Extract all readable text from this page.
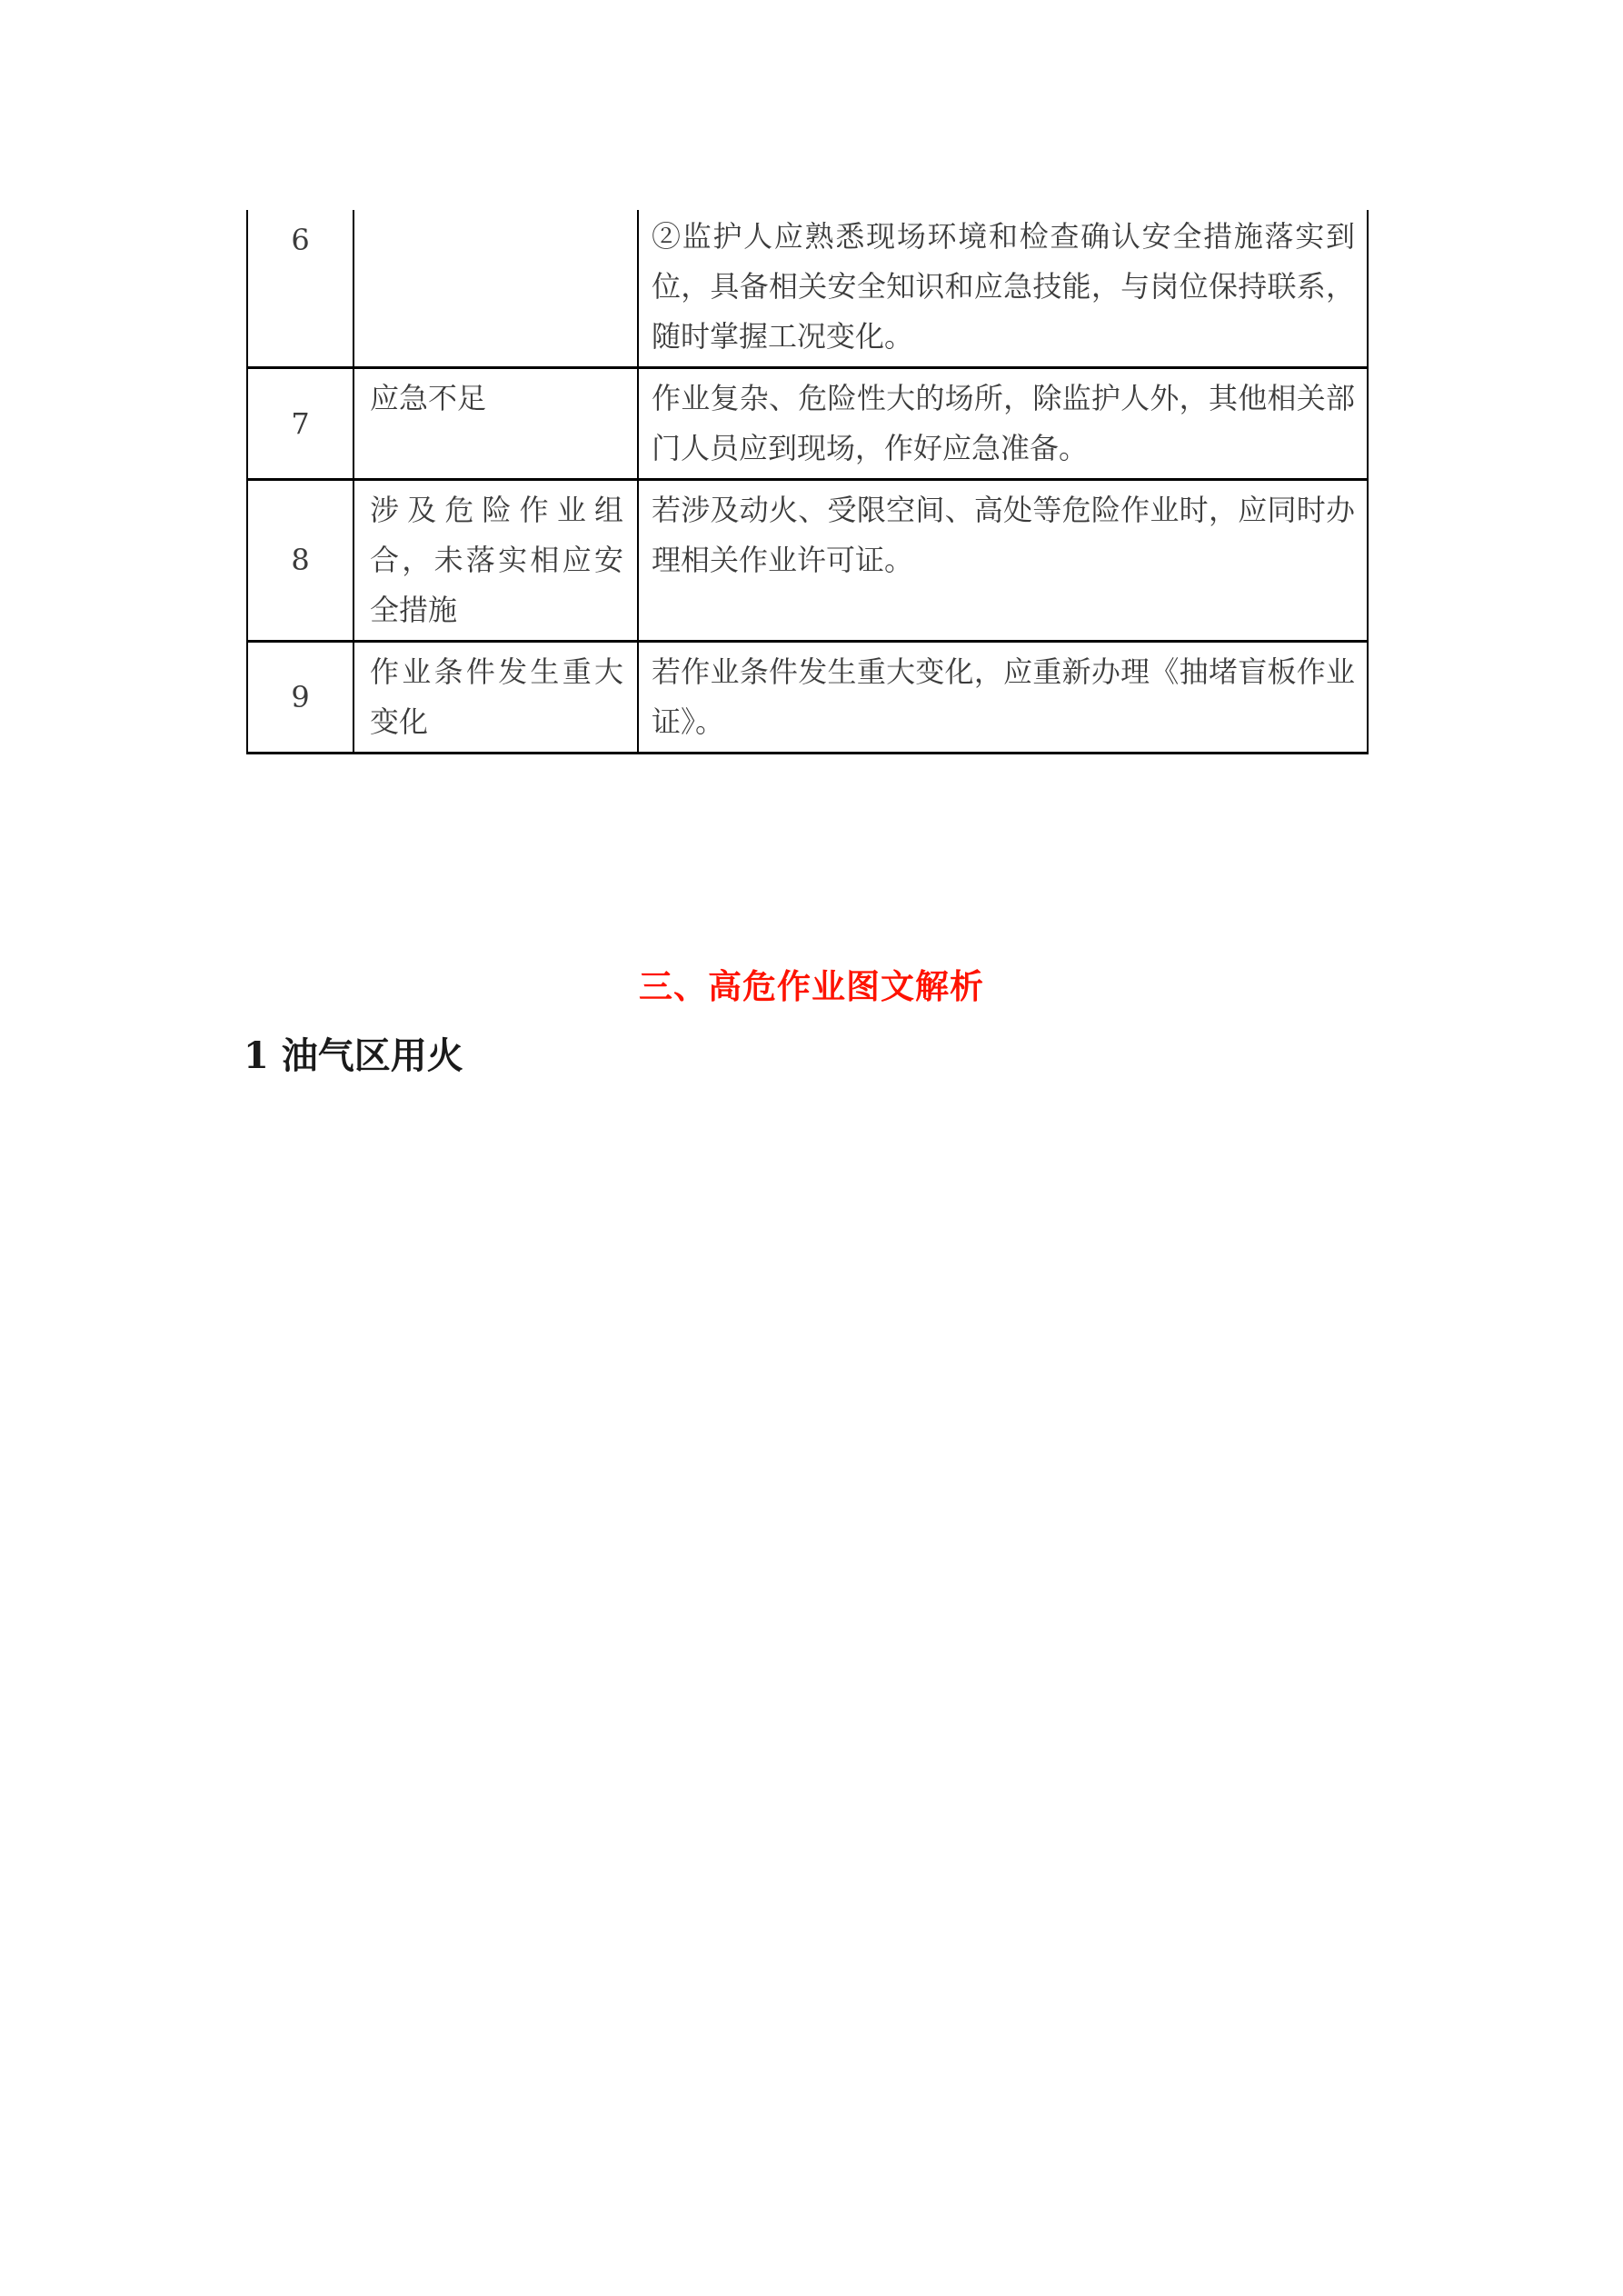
6		②监护人应熟悉现场环境和检查确认安全措施落实到位，具备相关安全知识和应急技能，与岗位保持联系，随时掌握工况变化。
7	应急不足	作业复杂、危险性大的场所，除监护人外，其他相关部门人员应到现场，作好应急准备。
8	涉及危险作业组合，未落实相应安全措施	若涉及动火、受限空间、高处等危险作业时，应同时办理相关作业许可证。
9	作业条件发生重大变化	若作业条件发生重大变化，应重新办理《抽堵盲板作业证》。
三、高危作业图文解析
1 油气区用火
